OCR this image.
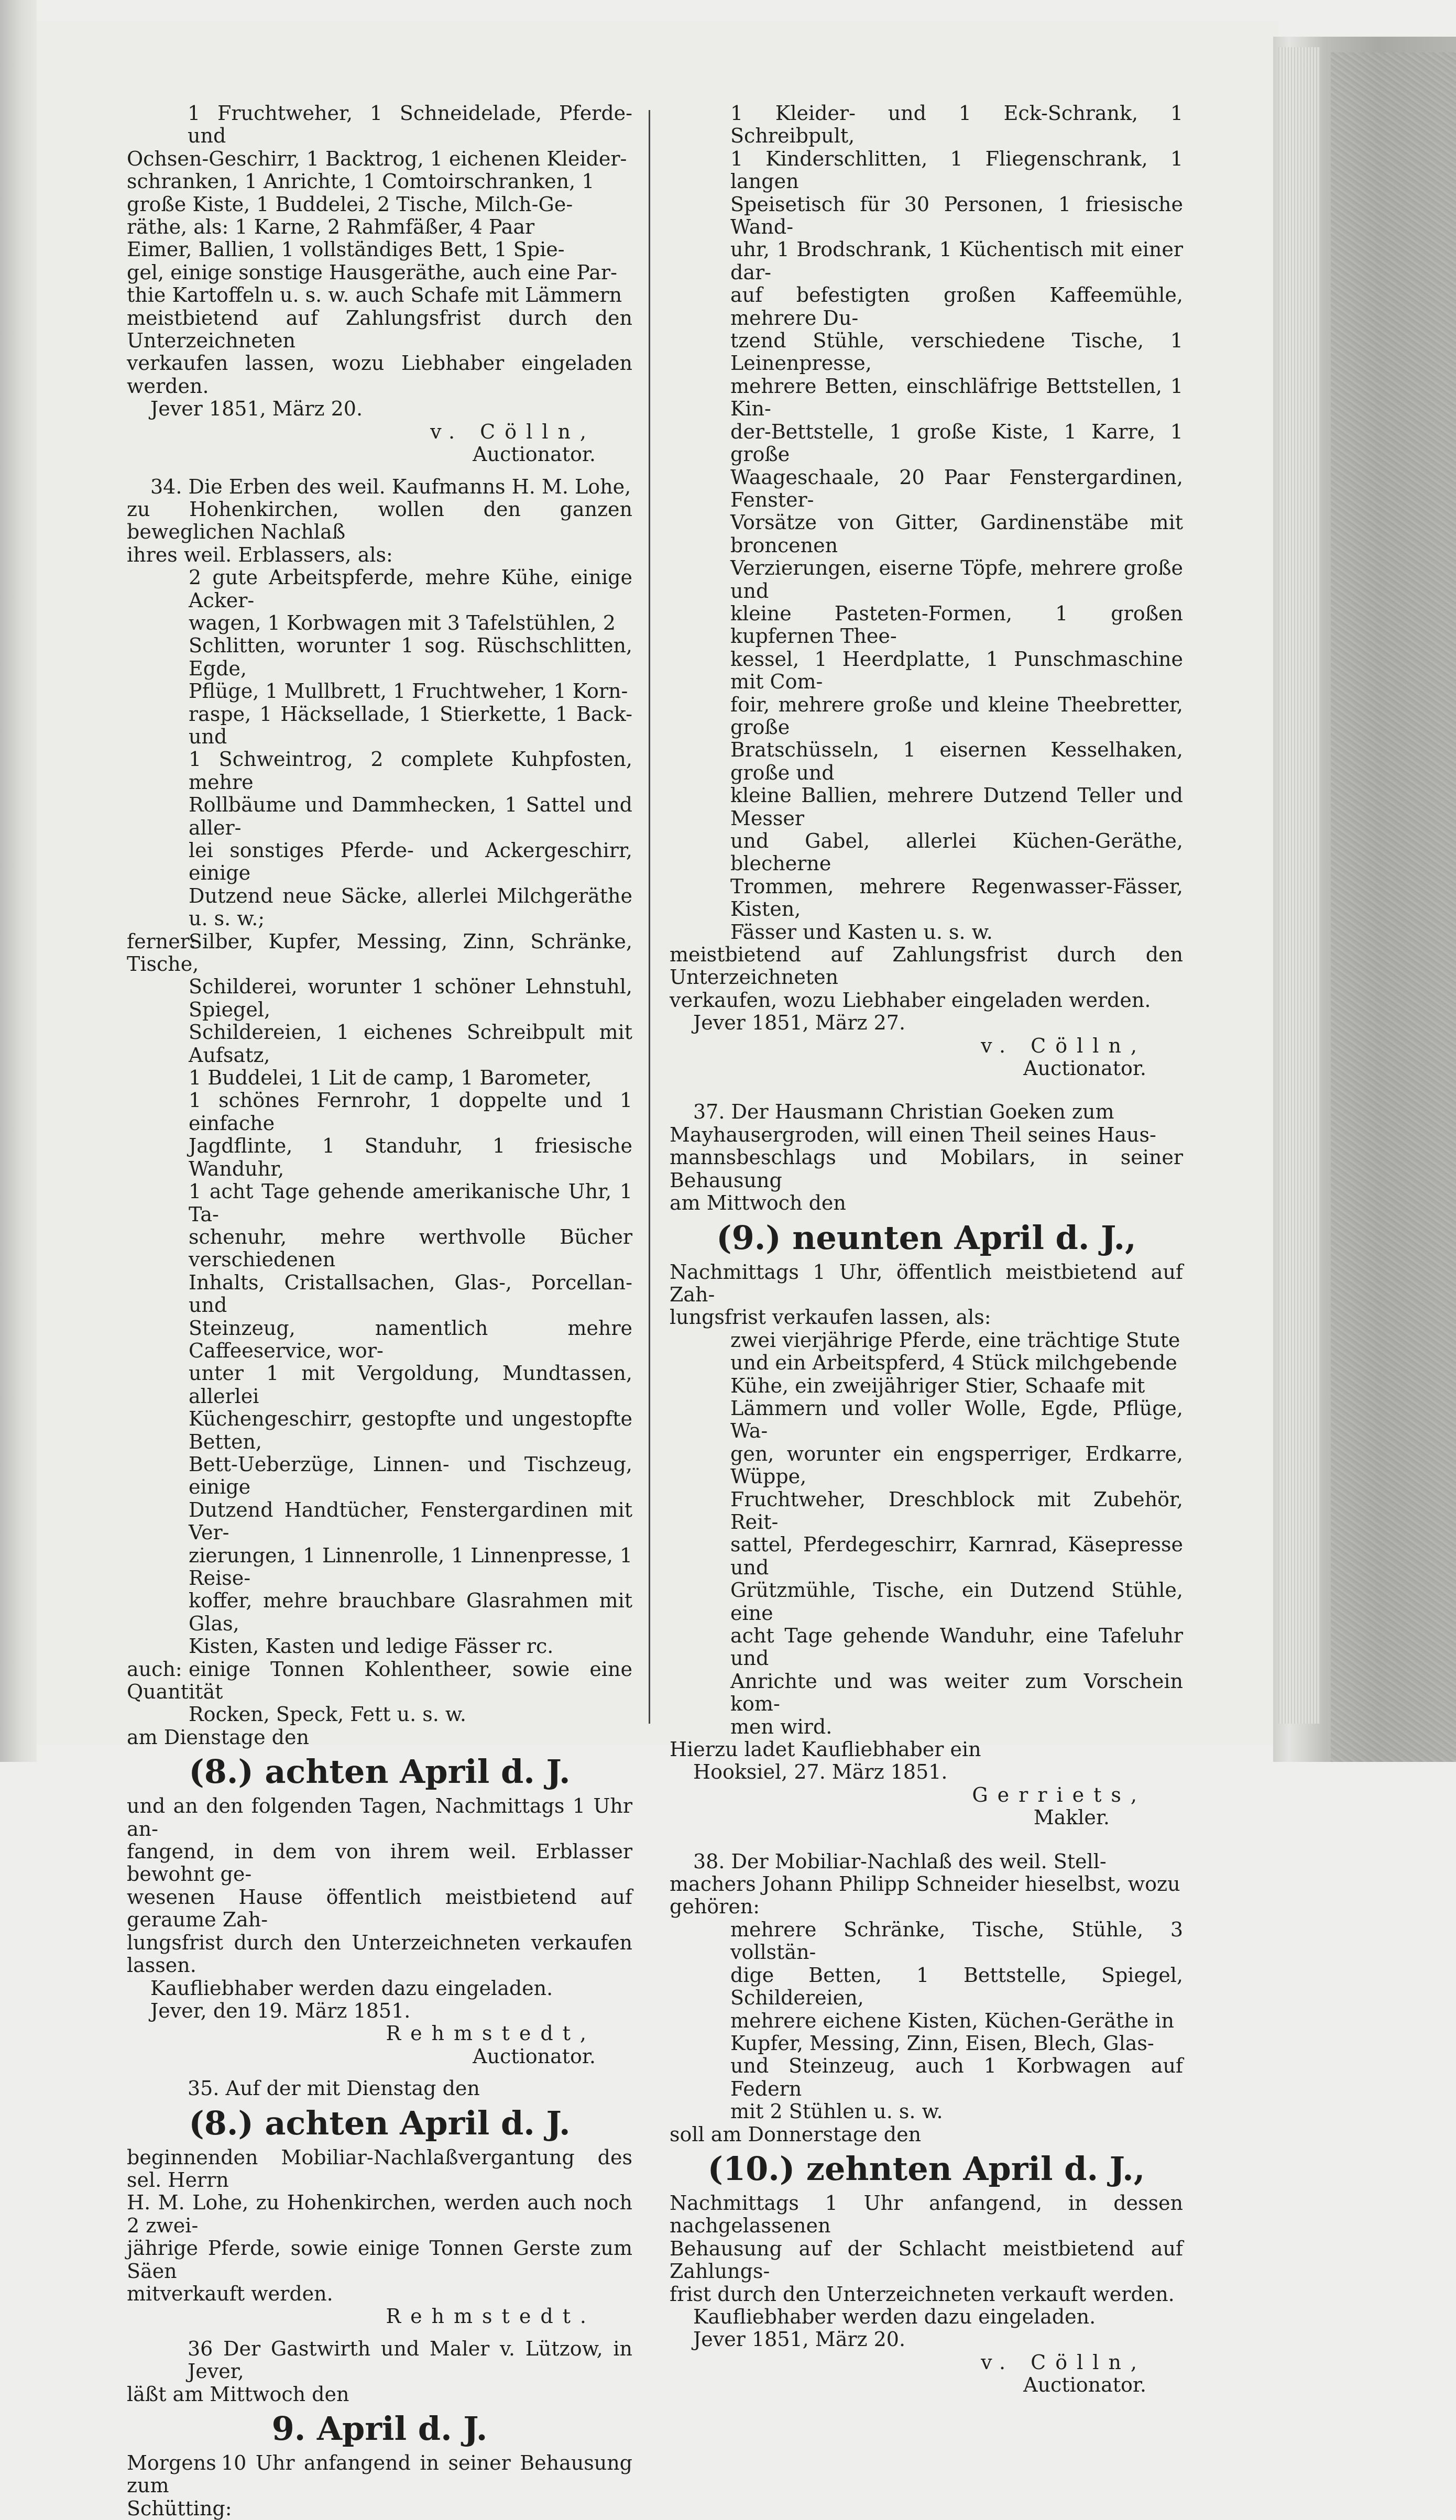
1 Fruchtweher, 1 Schneidelade, Pferde- und

Ochsen-Geschirr, 1 Backtrog, 1 eichenen Kleider-

schranken, 1 Anrichte, 1 Comtoirschranken, 1

große Kiste, 1 Buddelei, 2 Tische, Milch-Ge-

räthe, als: 1 Karne, 2 Rahmfäßer, 4 Paar

Eimer, Ballien, 1 vollständiges Bett, 1 Spie-

gel, einige sonstige Hausgeräthe, auch eine Par-

thie Kartoffeln u. s. w. auch Schafe mit Lämmern

meistbietend auf Zahlungsfrist durch den Unterzeichneten

verkaufen lassen, wozu Liebhaber eingeladen werden.

Jever 1851, März 20.

v. Cölln,

Auctionator.

34. Die Erben des weil. Kaufmanns H. M. Lohe,

zu Hohenkirchen, wollen den ganzen beweglichen Nachlaß

ihres weil. Erblassers, als:

2 gute Arbeitspferde, mehre Kühe, einige Acker-

wagen, 1 Korbwagen mit 3 Tafelstühlen, 2

Schlitten, worunter 1 sog. Rüschschlitten, Egde,

Pflüge, 1 Mullbrett, 1 Fruchtweher, 1 Korn-

raspe, 1 Häcksellade, 1 Stierkette, 1 Back- und

1 Schweintrog, 2 complete Kuhpfosten, mehre

Rollbäume und Dammhecken, 1 Sattel und aller-

lei sonstiges Pferde- und Ackergeschirr, einige

Dutzend neue Säcke, allerlei Milchgeräthe u. s. w.;

ferner:Silber, Kupfer, Messing, Zinn, Schränke, Tische,

Schilderei, worunter 1 schöner Lehnstuhl, Spiegel,

Schildereien, 1 eichenes Schreibpult mit Aufsatz,

1 Buddelei, 1 Lit de camp, 1 Barometer,

1 schönes Fernrohr, 1 doppelte und 1 einfache

Jagdflinte, 1 Standuhr, 1 friesische Wanduhr,

1 acht Tage gehende amerikanische Uhr, 1 Ta-

schenuhr, mehre werthvolle Bücher verschiedenen

Inhalts, Cristallsachen, Glas-, Porcellan- und

Steinzeug, namentlich mehre Caffeeservice, wor-

unter 1 mit Vergoldung, Mundtassen, allerlei

Küchengeschirr, gestopfte und ungestopfte Betten,

Bett-Ueberzüge, Linnen- und Tischzeug, einige

Dutzend Handtücher, Fenstergardinen mit Ver-

zierungen, 1 Linnenrolle, 1 Linnenpresse, 1 Reise-

koffer, mehre brauchbare Glasrahmen mit Glas,

Kisten, Kasten und ledige Fässer rc.

auch: einige Tonnen Kohlentheer, sowie eine Quantität

Rocken, Speck, Fett u. s. w.

am Dienstage den

(8.) achten April d. J.

und an den folgenden Tagen, Nachmittags 1 Uhr an-

fangend, in dem von ihrem weil. Erblasser bewohnt ge-

wesenen Hause öffentlich meistbietend auf geraume Zah-

lungsfrist durch den Unterzeichneten verkaufen lassen.

Kaufliebhaber werden dazu eingeladen.

Jever, den 19. März 1851.

Rehmstedt,

Auctionator.

35. Auf der mit Dienstag den

(8.) achten April d. J.

beginnenden Mobiliar-Nachlaßvergantung des sel. Herrn

H. M. Lohe, zu Hohenkirchen, werden auch noch 2 zwei-

jährige Pferde, sowie einige Tonnen Gerste zum Säen

mitverkauft werden.

Rehmstedt.

36 Der Gastwirth und Maler v. Lützow, in Jever,

läßt am Mittwoch den

9. April d. J.

Morgens 10 Uhr anfangend in seiner Behausung zum

Schütting:

1 Kleider- und 1 Eck-Schrank, 1 Schreibpult,

1 Kinderschlitten, 1 Fliegenschrank, 1 langen

Speisetisch für 30 Personen, 1 friesische Wand-

uhr, 1 Brodschrank, 1 Küchentisch mit einer dar-

auf befestigten großen Kaffeemühle, mehrere Du-

tzend Stühle, verschiedene Tische, 1 Leinenpresse,

mehrere Betten, einschläfrige Bettstellen, 1 Kin-

der-Bettstelle, 1 große Kiste, 1 Karre, 1 große

Waageschaale, 20 Paar Fenstergardinen, Fenster-

Vorsätze von Gitter, Gardinenstäbe mit broncenen

Verzierungen, eiserne Töpfe, mehrere große und

kleine Pasteten-Formen, 1 großen kupfernen Thee-

kessel, 1 Heerdplatte, 1 Punschmaschine mit Com-

foir, mehrere große und kleine Theebretter, große

Bratschüsseln, 1 eisernen Kesselhaken, große und

kleine Ballien, mehrere Dutzend Teller und Messer

und Gabel, allerlei Küchen-Geräthe, blecherne

Trommen, mehrere Regenwasser-Fässer, Kisten,

Fässer und Kasten u. s. w.

meistbietend auf Zahlungsfrist durch den Unterzeichneten

verkaufen, wozu Liebhaber eingeladen werden.

Jever 1851, März 27.

v. Cölln,

Auctionator.

37. Der Hausmann Christian Goeken zum

Mayhausergroden, will einen Theil seines Haus-

mannsbeschlags und Mobilars, in seiner Behausung

am Mittwoch den

(9.) neunten April d. J.,

Nachmittags 1 Uhr, öffentlich meistbietend auf Zah-

lungsfrist verkaufen lassen, als:

zwei vierjährige Pferde, eine trächtige Stute

und ein Arbeitspferd, 4 Stück milchgebende

Kühe, ein zweijähriger Stier, Schaafe mit

Lämmern und voller Wolle, Egde, Pflüge, Wa-

gen, worunter ein engsperriger, Erdkarre, Wüppe,

Fruchtweher, Dreschblock mit Zubehör, Reit-

sattel, Pferdegeschirr, Karnrad, Käsepresse und

Grützmühle, Tische, ein Dutzend Stühle, eine

acht Tage gehende Wanduhr, eine Tafeluhr und

Anrichte und was weiter zum Vorschein kom-

men wird.

Hierzu ladet Kaufliebhaber ein

Hooksiel, 27. März 1851.

Gerriets,

Makler.

38. Der Mobiliar-Nachlaß des weil. Stell-

machers Johann Philipp Schneider hieselbst, wozu

gehören:

mehrere Schränke, Tische, Stühle, 3 vollstän-

dige Betten, 1 Bettstelle, Spiegel, Schildereien,

mehrere eichene Kisten, Küchen-Geräthe in

Kupfer, Messing, Zinn, Eisen, Blech, Glas-

und Steinzeug, auch 1 Korbwagen auf Federn

mit 2 Stühlen u. s. w.

soll am Donnerstage den

(10.) zehnten April d. J.,

Nachmittags 1 Uhr anfangend, in dessen nachgelassenen

Behausung auf der Schlacht meistbietend auf Zahlungs-

frist durch den Unterzeichneten verkauft werden.

Kaufliebhaber werden dazu eingeladen.

Jever 1851, März 20.

v. Cölln,

Auctionator.
